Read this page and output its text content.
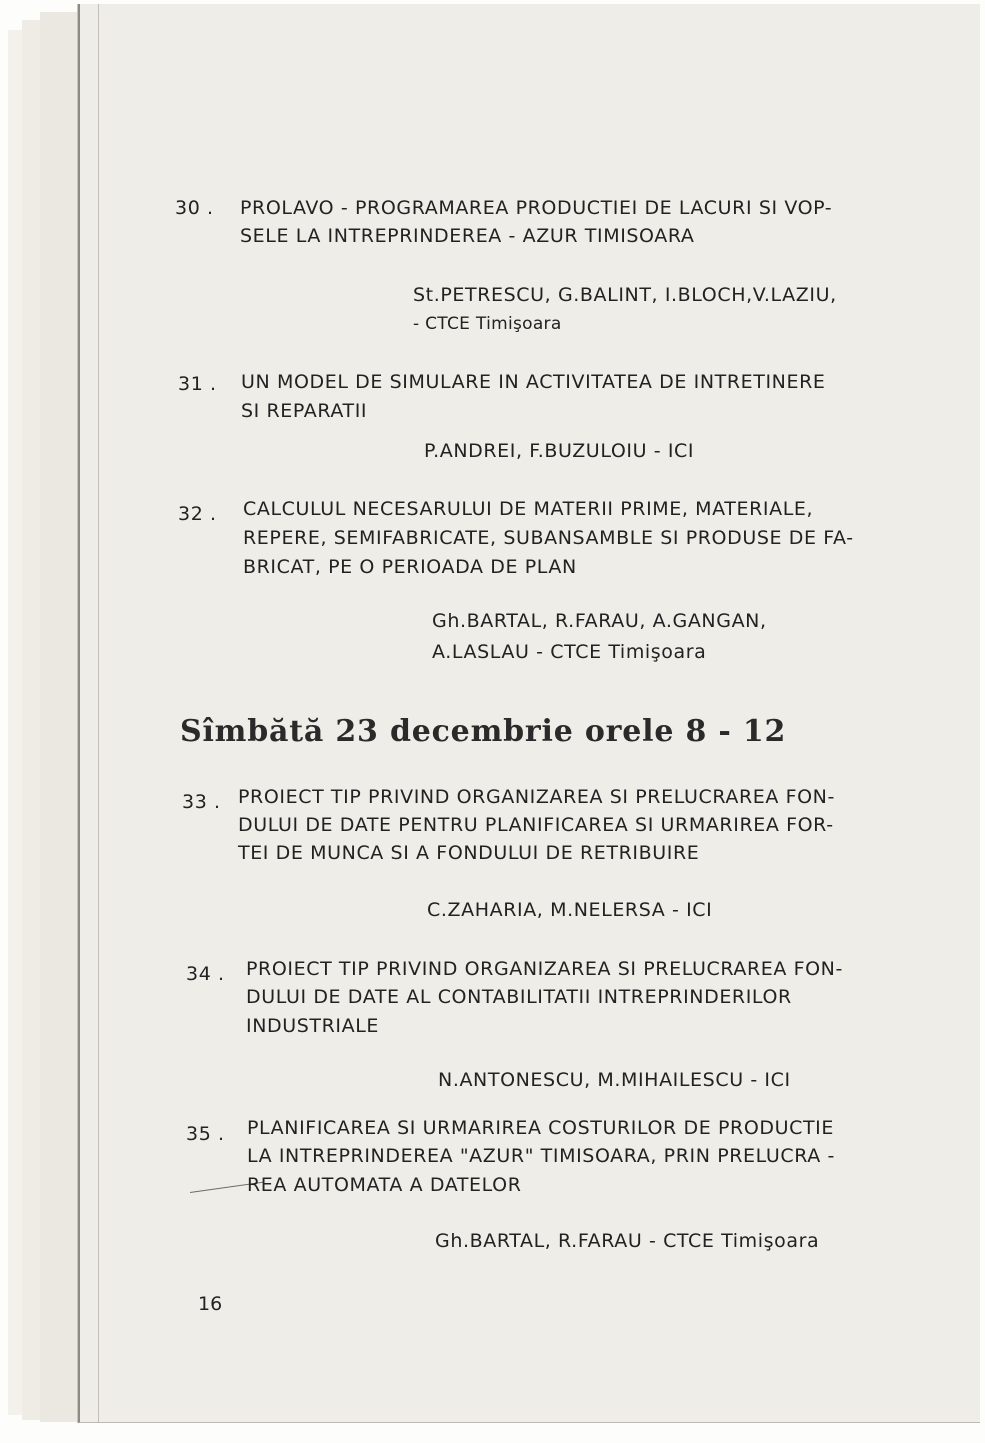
30 . PROLAVO - PROGRAMAREA PRODUCTIEI DE LACURI SI VOP-

SELE LA INTREPRINDEREA - AZUR TIMISOARA

St.PETRESCU, G.BALINT, I.BLOCH,V.LAZIU,

- CTCE Timişoara

31 . UN MODEL DE SIMULARE IN ACTIVITATEA DE INTRETINERE

SI REPARATII

P.ANDREI, F.BUZULOIU - ICI

32 . CALCULUL NECESARULUI DE MATERII PRIME, MATERIALE,

REPERE, SEMIFABRICATE, SUBANSAMBLE SI PRODUSE DE FA-

BRICAT, PE O PERIOADA DE PLAN

Gh.BARTAL, R.FARAU, A.GANGAN,

A.LASLAU - CTCE Timişoara

Sîmbătă 23 decembrie orele 8 - 12

33 . PROIECT TIP PRIVIND ORGANIZAREA SI PRELUCRAREA FON-

DULUI DE DATE PENTRU PLANIFICAREA SI URMARIREA FOR-

TEI DE MUNCA SI A FONDULUI DE RETRIBUIRE

C.ZAHARIA, M.NELERSA - ICI

34 . PROIECT TIP PRIVIND ORGANIZAREA SI PRELUCRAREA FON-

DULUI DE DATE AL CONTABILITATII INTREPRINDERILOR

INDUSTRIALE

N.ANTONESCU, M.MIHAILESCU - ICI

35 . PLANIFICAREA SI URMARIREA COSTURILOR DE PRODUCTIE

LA INTREPRINDEREA "AZUR" TIMISOARA, PRIN PRELUCRA -

REA AUTOMATA A DATELOR

Gh.BARTAL, R.FARAU - CTCE Timişoara

16
